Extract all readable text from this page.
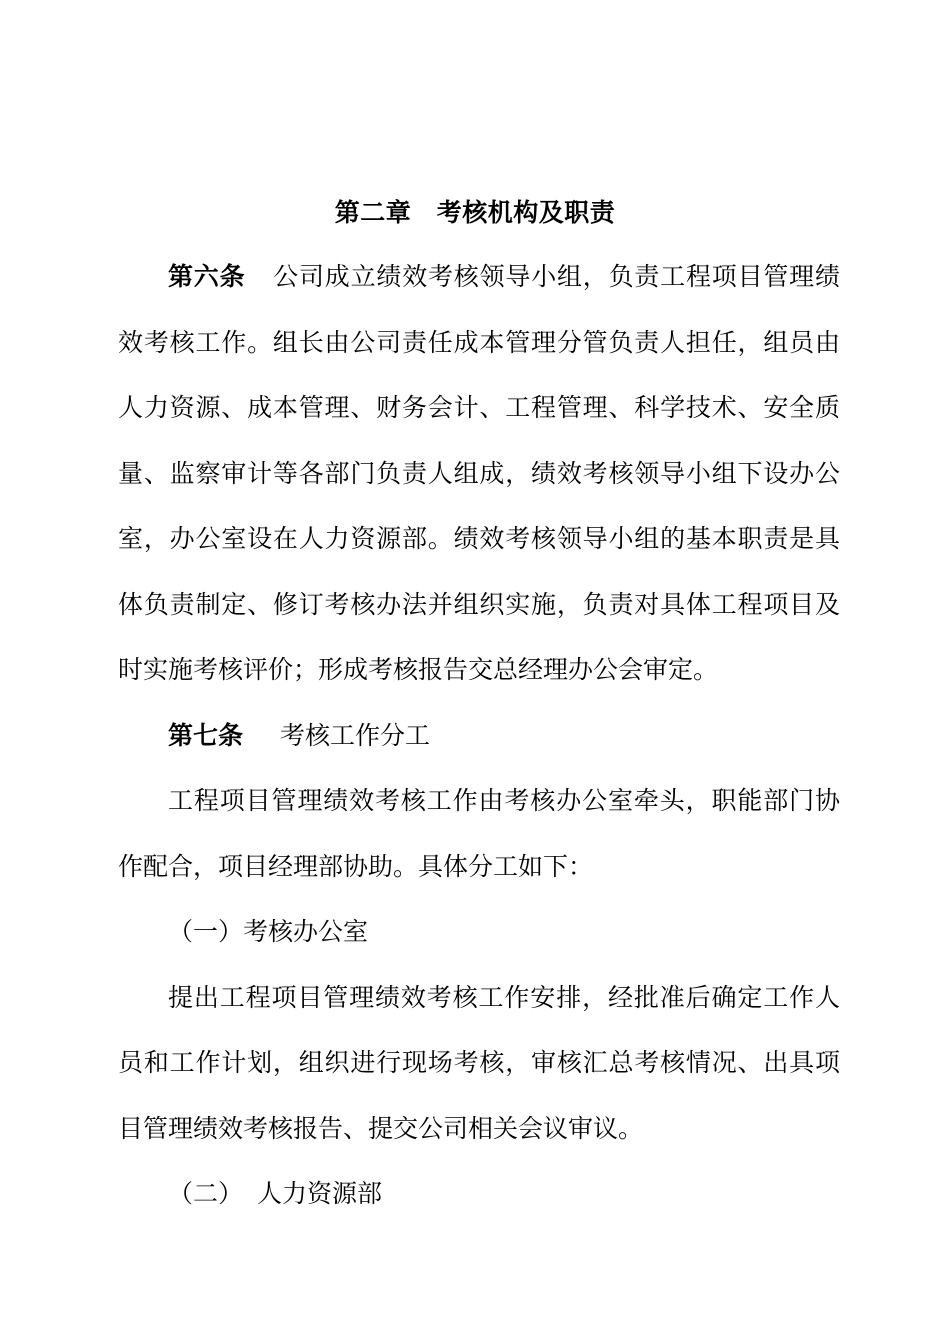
第二章　考核机构及职责

第六条 公司成立绩效考核领导小组，负责工程项目管理绩效考核工作。组长由公司责任成本管理分管负责人担任，组员由人力资源、成本管理、财务会计、工程管理、科学技术、安全质量、监察审计等各部门负责人组成，绩效考核领导小组下设办公室，办公室设在人力资源部。绩效考核领导小组的基本职责是具体负责制定、修订考核办法并组织实施，负责对具体工程项目及时实施考核评价；形成考核报告交总经理办公会审定。

第七条 考核工作分工

工程项目管理绩效考核工作由考核办公室牵头，职能部门协作配合，项目经理部协助。具体分工如下：

（一）考核办公室

提出工程项目管理绩效考核工作安排，经批准后确定工作人员和工作计划，组织进行现场考核，审核汇总考核情况、出具项目管理绩效考核报告、提交公司相关会议审议。

（二） 人力资源部
